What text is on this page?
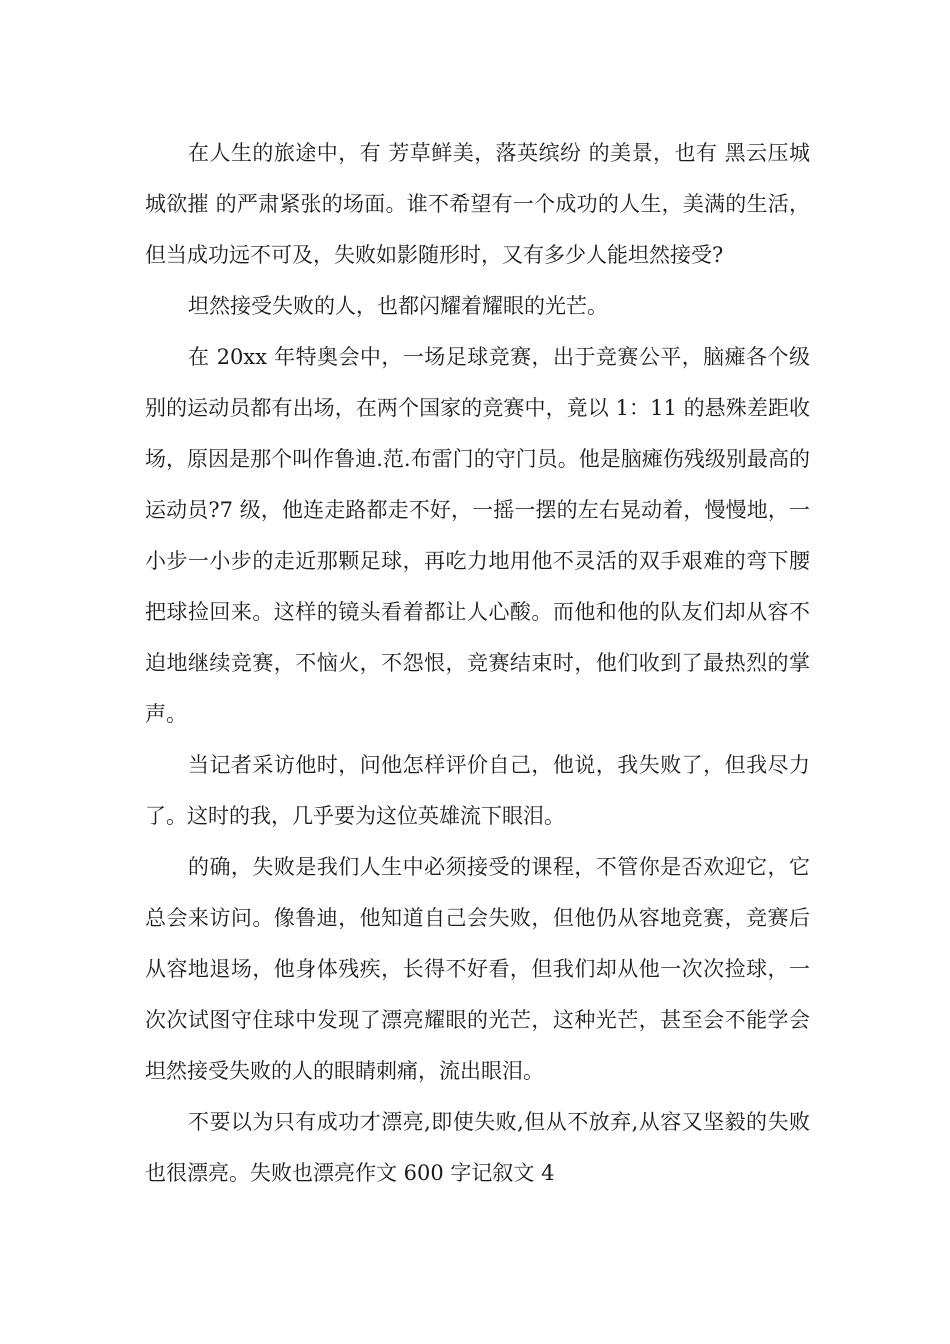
在人生的旅途中，有 芳草鲜美，落英缤纷 的美景，也有 黑云压城城欲摧 的严肃紧张的场面。谁不希望有一个成功的人生，美满的生活，但当成功远不可及，失败如影随形时，又有多少人能坦然接受?

坦然接受失败的人，也都闪耀着耀眼的光芒。

在 20xx 年特奥会中，一场足球竞赛，出于竞赛公平，脑瘫各个级别的运动员都有出场，在两个国家的竞赛中，竟以 1：11 的悬殊差距收场，原因是那个叫作鲁迪.范.布雷门的守门员。他是脑瘫伤残级别最高的运动员?7 级，他连走路都走不好，一摇一摆的左右晃动着，慢慢地，一小步一小步的走近那颗足球，再吃力地用他不灵活的双手艰难的弯下腰把球捡回来。这样的镜头看着都让人心酸。而他和他的队友们却从容不迫地继续竞赛，不恼火，不怨恨，竞赛结束时，他们收到了最热烈的掌声。

当记者采访他时，问他怎样评价自己，他说，我失败了，但我尽力了。这时的我，几乎要为这位英雄流下眼泪。

的确，失败是我们人生中必须接受的课程，不管你是否欢迎它，它总会来访问。像鲁迪，他知道自己会失败，但他仍从容地竞赛，竞赛后从容地退场，他身体残疾，长得不好看，但我们却从他一次次捡球，一次次试图守住球中发现了漂亮耀眼的光芒，这种光芒，甚至会不能学会坦然接受失败的人的眼睛刺痛，流出眼泪。

不要以为只有成功才漂亮,即使失败,但从不放弃,从容又坚毅的失败也很漂亮。失败也漂亮作文 600 字记叙文 4
